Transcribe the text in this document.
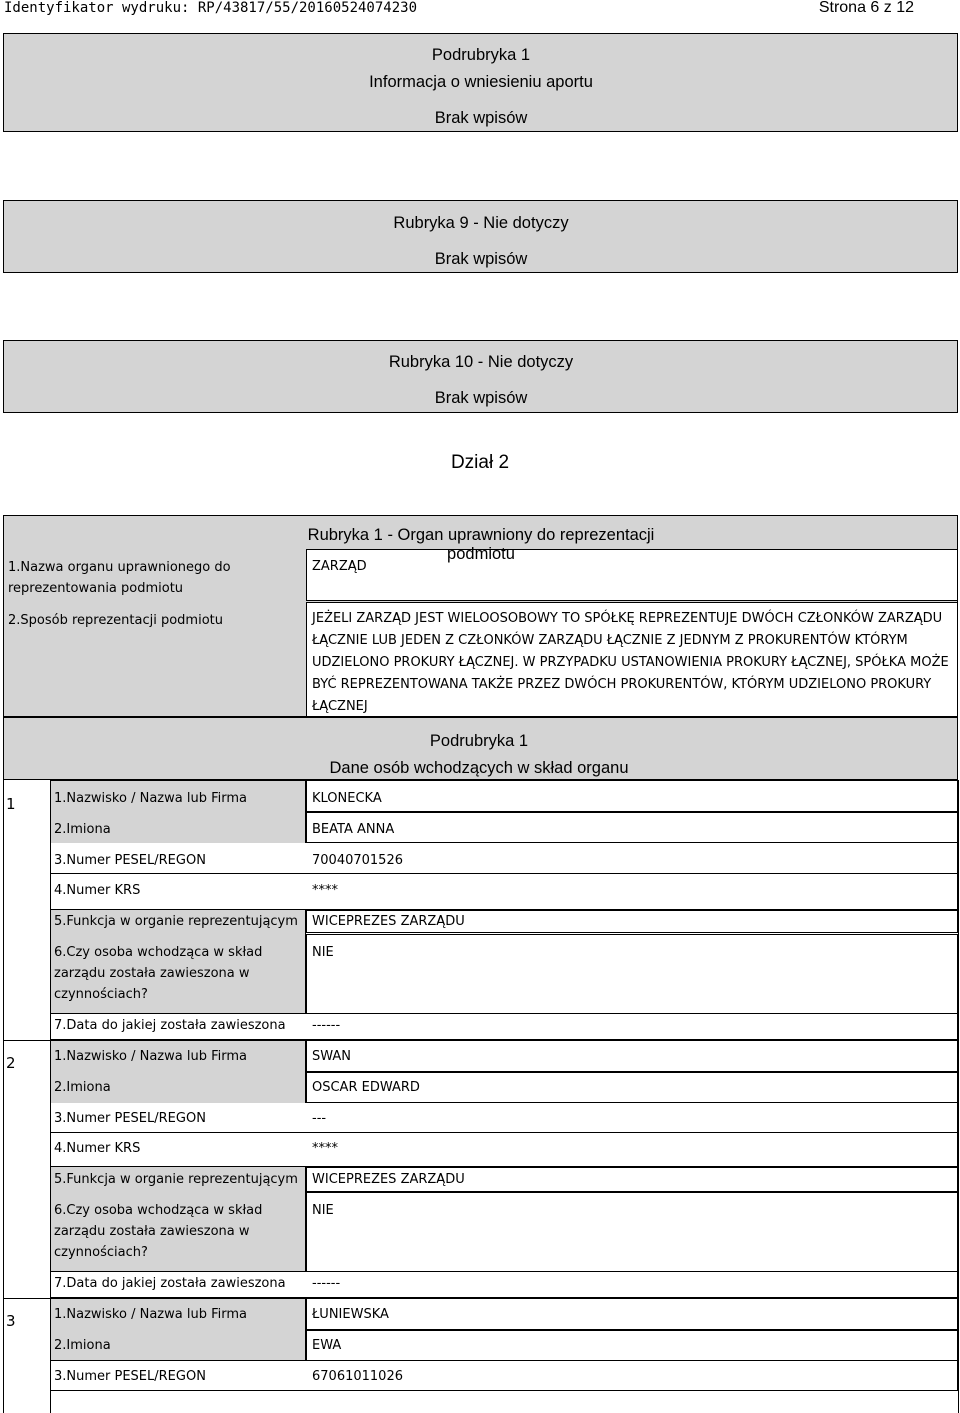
Identyfikator wydruku: RP/43817/55/20160524074230	Strona 6 z 12
Podrubryka 1
Informacja o wniesieniu aportu
Brak wpisów
Rubryka 9 - Nie dotyczy
Brak wpisów
Rubryka 10 - Nie dotyczy
Brak wpisów
Dział 2
Rubryka 1 - Organ uprawniony do reprezentacji podmiotu
1.Nazwa organu uprawnionego do reprezentowania podmiotu
ZARZĄD
2.Sposób reprezentacji podmiotu	JEŻELI ZARZĄD JEST WIELOOSOBOWY TO SPÓŁKĘ REPREZENTUJE DWÓCH CZŁONKÓW ZARZĄDU ŁĄCZNIE LUB JEDEN Z CZŁONKÓW ZARZĄDU ŁĄCZNIE Z JEDNYM Z PROKURENTÓW KTÓRYM UDZIELONO PROKURY ŁĄCZNEJ. W PRZYPADKU USTANOWIENIA PROKURY ŁĄCZNEJ, SPÓŁKA MOŻE BYĆ REPREZENTOWANA TAKŻE PRZEZ DWÓCH PROKURENTÓW, KTÓRYM UDZIELONO PROKURY ŁĄCZNEJ
Podrubryka 1
Dane osób wchodzących w skład organu
1	1.Nazwisko / Nazwa lub Firma	KLONECKA
2.Imiona	BEATA ANNA
3.Numer PESEL/REGON	70040701526
4.Numer KRS	****
5.Funkcja w organie reprezentującym WICEPREZES ZARZĄDU
6.Czy osoba wchodząca w skład zarządu została zawieszona w czynnościach?
NIE
7.Data do jakiej została zawieszona ------
2	1.Nazwisko / Nazwa lub Firma	SWAN
2.Imiona	OSCAR EDWARD
3.Numer PESEL/REGON	---
4.Numer KRS	****
5.Funkcja w organie reprezentującym WICEPREZES ZARZĄDU
6.Czy osoba wchodząca w skład zarządu została zawieszona w czynnościach?
NIE
7.Data do jakiej została zawieszona ------
3	1.Nazwisko / Nazwa lub Firma	ŁUNIEWSKA
2.Imiona	EWA
3.Numer PESEL/REGON	67061011026
